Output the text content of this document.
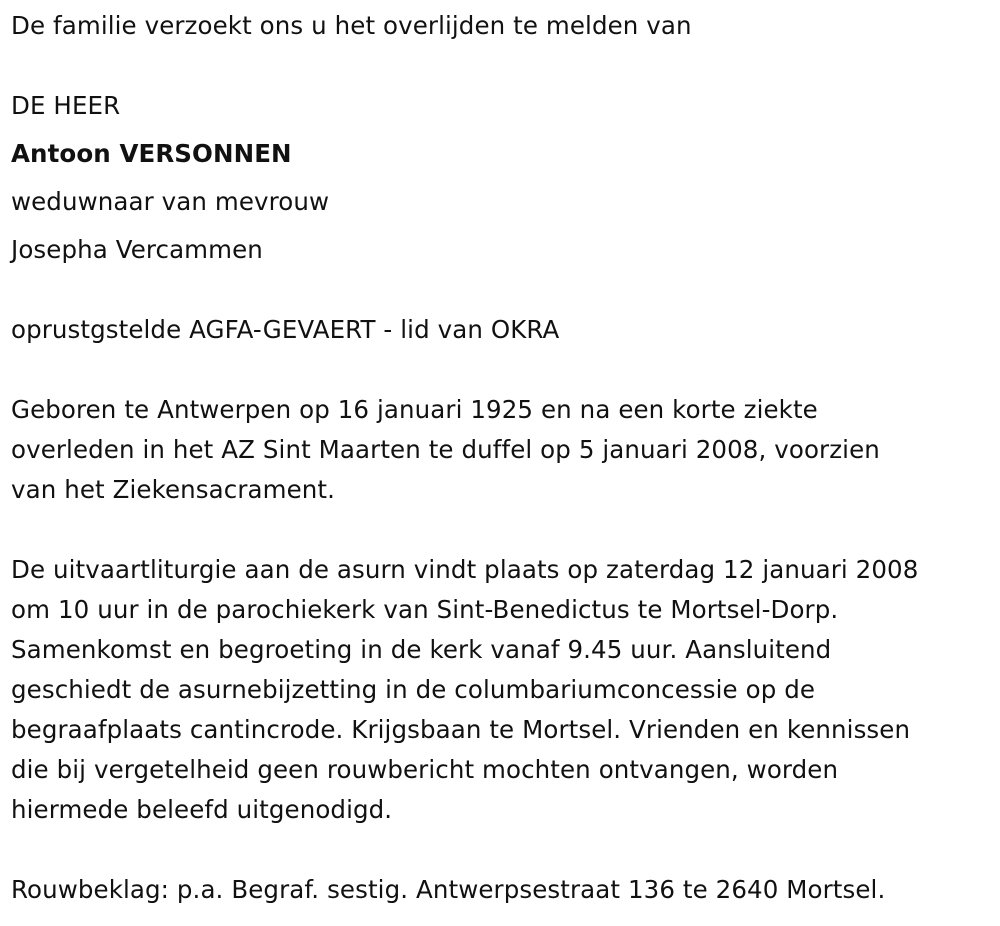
De familie verzoekt ons u het overlijden te melden van
DE HEER
Antoon VERSONNEN
weduwnaar van mevrouw
Josepha Vercammen
oprustgstelde AGFA-GEVAERT - lid van OKRA
Geboren te Antwerpen op 16 januari 1925 en na een korte ziekte
overleden in het AZ Sint Maarten te duffel op 5 januari 2008, voorzien
van het Ziekensacrament.
De uitvaartliturgie aan de asurn vindt plaats op zaterdag 12 januari 2008
om 10 uur in de parochiekerk van Sint-Benedictus te Mortsel-Dorp.
Samenkomst en begroeting in de kerk vanaf 9.45 uur. Aansluitend
geschiedt de asurnebijzetting in de columbariumconcessie op de
begraafplaats cantincrode. Krijgsbaan te Mortsel. Vrienden en kennissen
die bij vergetelheid geen rouwbericht mochten ontvangen, worden
hiermede beleefd uitgenodigd.
Rouwbeklag: p.a. Begraf. sestig. Antwerpsestraat 136 te 2640 Mortsel.
